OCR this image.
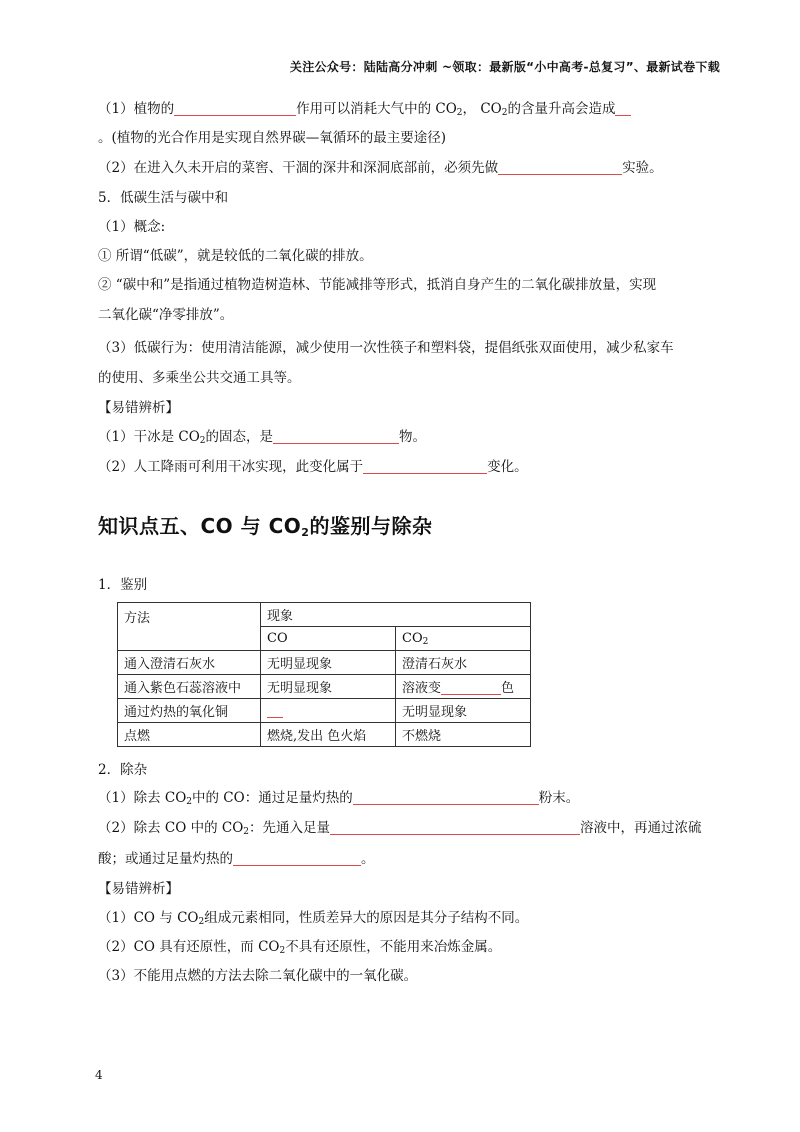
关注公众号：陆陆高分冲刺 ~领取：最新版“小中高考-总复习”、最新试卷下载
（1）植物的	作用可以消耗大气中的 $CO_2$， $CO_2$的含量升高会造成
。(植物的光合作用是实现自然界碳—氧循环的最主要途径)
（2）在进入久未开启的菜窖、干涸的深井和深洞底部前，必须先做	实验。
5．低碳生活与碳中和
（1）概念:
① 所谓“低碳”，就是较低的二氧化碳的排放。
② “碳中和”是指通过植物造树造林、节能减排等形式，抵消自身产生的二氧化碳排放量，实现
二氧化碳“净零排放”。
（3）低碳行为：使用清洁能源，减少使用一次性筷子和塑料袋，提倡纸张双面使用，减少私家车
的使用、多乘坐公共交通工具等。
【易错辨析】
（1）干冰是 $CO_2$的固态，是	物。
（2）人工降雨可利用干冰实现，此变化属于	变化。
知识点五、CO 与 $CO_2$的鉴别与除杂
1．鉴别
方法	现象	
	CO	$CO_2$
通入澄清石灰水	无明显现象	澄清石灰水
通入紫色石蕊溶液中	无明显现象	溶液变 色
通过灼热的氧化铜		无明显现象
点燃	燃烧,发出 色火焰	不燃烧
2．除杂
（1）除去 $CO_2$中的 CO：通过足量灼热的	粉末。
（2）除去 CO 中的 $CO_2$：先通入足量	溶液中，再通过浓硫
酸；或通过足量灼热的	。
【易错辨析】
（1）CO 与 $CO_2$组成元素相同，性质差异大的原因是其分子结构不同。
（2）CO 具有还原性，而 $CO_2$不具有还原性，不能用来冶炼金属。
（3）不能用点燃的方法去除二氧化碳中的一氧化碳。
4
